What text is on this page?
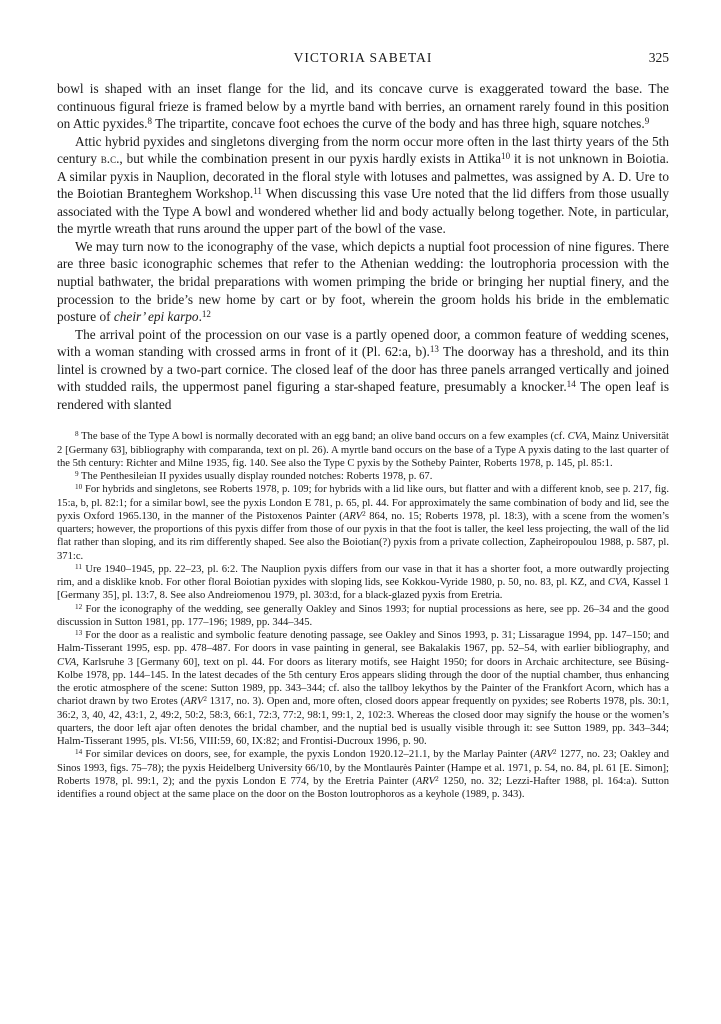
VICTORIA SABETAI	325

bowl is shaped with an inset flange for the lid, and its concave curve is exaggerated toward the base. The continuous figural frieze is framed below by a myrtle band with berries, an ornament rarely found in this position on Attic pyxides.$^8$ The tripartite, concave foot echoes the curve of the body and has three high, square notches.$^9$

Attic hybrid pyxides and singletons diverging from the norm occur more often in the last thirty years of the 5th century b.c., but while the combination present in our pyxis hardly exists in Attika$^{10}$ it is not unknown in Boiotia. A similar pyxis in Nauplion, decorated in the floral style with lotuses and palmettes, was assigned by A. D. Ure to the Boiotian Branteghem Workshop.$^{11}$ When discussing this vase Ure noted that the lid differs from those usually associated with the Type A bowl and wondered whether lid and body actually belong together. Note, in particular, the myrtle wreath that runs around the upper part of the bowl of the vase.

We may turn now to the iconography of the vase, which depicts a nuptial foot procession of nine figures. There are three basic iconographic schemes that refer to the Athenian wedding: the loutrophoria procession with the nuptial bathwater, the bridal preparations with women primping the bride or bringing her nuptial finery, and the procession to the bride’s new home by cart or by foot, wherein the groom holds his bride in the emblematic posture of cheir’ epi karpo.$^{12}$

The arrival point of the procession on our vase is a partly opened door, a common feature of wedding scenes, with a woman standing with crossed arms in front of it (Pl. 62:a, b).$^{13}$ The doorway has a threshold, and its thin lintel is crowned by a two-part cornice. The closed leaf of the door has three panels arranged vertically and joined with studded rails, the uppermost panel figuring a star-shaped feature, presumably a knocker.$^{14}$ The open leaf is rendered with slanted

$^8$ The base of the Type A bowl is normally decorated with an egg band; an olive band occurs on a few examples (cf. CVA, Mainz Universität 2 [Germany 63], bibliography with comparanda, text on pl. 26). A myrtle band occurs on the base of a Type A pyxis dating to the last quarter of the 5th century: Richter and Milne 1935, fig. 140. See also the Type C pyxis by the Sotheby Painter, Roberts 1978, p. 145, pl. 85:1.

$^9$ The Penthesileian II pyxides usually display rounded notches: Roberts 1978, p. 67.

$^{10}$ For hybrids and singletons, see Roberts 1978, p. 109; for hybrids with a lid like ours, but flatter and with a different knob, see p. 217, fig. 15:a, b, pl. 82:1; for a similar bowl, see the pyxis London E 781, p. 65, pl. 44. For approximately the same combination of body and lid, see the pyxis Oxford 1965.130, in the manner of the Pistoxenos Painter (ARV$^2$ 864, no. 15; Roberts 1978, pl. 18:3), with a scene from the women’s quarters; however, the proportions of this pyxis differ from those of our pyxis in that the foot is taller, the keel less projecting, the wall of the lid flat rather than sloping, and its rim differently shaped. See also the Boiotian(?) pyxis from a private collection, Zapheiropoulou 1988, p. 587, pl. 371:c.

$^{11}$ Ure 1940–1945, pp. 22–23, pl. 6:2. The Nauplion pyxis differs from our vase in that it has a shorter foot, a more outwardly projecting rim, and a disklike knob. For other floral Boiotian pyxides with sloping lids, see Kokkou-Vyride 1980, p. 50, no. 83, pl. KZ, and CVA, Kassel 1 [Germany 35], pl. 13:7, 8. See also Andreiomenou 1979, pl. 303:d, for a black-glazed pyxis from Eretria.

$^{12}$ For the iconography of the wedding, see generally Oakley and Sinos 1993; for nuptial processions as here, see pp. 26–34 and the good discussion in Sutton 1981, pp. 177–196; 1989, pp. 344–345.

$^{13}$ For the door as a realistic and symbolic feature denoting passage, see Oakley and Sinos 1993, p. 31; Lissarague 1994, pp. 147–150; and Halm-Tisserant 1995, esp. pp. 478–487. For doors in vase painting in general, see Bakalakis 1967, pp. 52–54, with earlier bibliography, and CVA, Karlsruhe 3 [Germany 60], text on pl. 44. For doors as literary motifs, see Haight 1950; for doors in Archaic architecture, see Büsing-Kolbe 1978, pp. 144–145. In the latest decades of the 5th century Eros appears sliding through the door of the nuptial chamber, thus enhancing the erotic atmosphere of the scene: Sutton 1989, pp. 343–344; cf. also the tallboy lekythos by the Painter of the Frankfort Acorn, which has a chariot drawn by two Erotes (ARV$^2$ 1317, no. 3). Open and, more often, closed doors appear frequently on pyxides; see Roberts 1978, pls. 30:1, 36:2, 3, 40, 42, 43:1, 2, 49:2, 50:2, 58:3, 66:1, 72:3, 77:2, 98:1, 99:1, 2, 102:3. Whereas the closed door may signify the house or the women’s quarters, the door left ajar often denotes the bridal chamber, and the nuptial bed is usually visible through it: see Sutton 1989, pp. 343–344; Halm-Tisserant 1995, pls. VI:56, VIII:59, 60, IX:82; and Frontisi-Ducroux 1996, p. 90.

$^{14}$ For similar devices on doors, see, for example, the pyxis London 1920.12–21.1, by the Marlay Painter (ARV$^2$ 1277, no. 23; Oakley and Sinos 1993, figs. 75–78); the pyxis Heidelberg University 66/10, by the Montlaurès Painter (Hampe et al. 1971, p. 54, no. 84, pl. 61 [E. Simon]; Roberts 1978, pl. 99:1, 2); and the pyxis London E 774, by the Eretria Painter (ARV$^2$ 1250, no. 32; Lezzi-Hafter 1988, pl. 164:a). Sutton identifies a round object at the same place on the door on the Boston loutrophoros as a keyhole (1989, p. 343).
